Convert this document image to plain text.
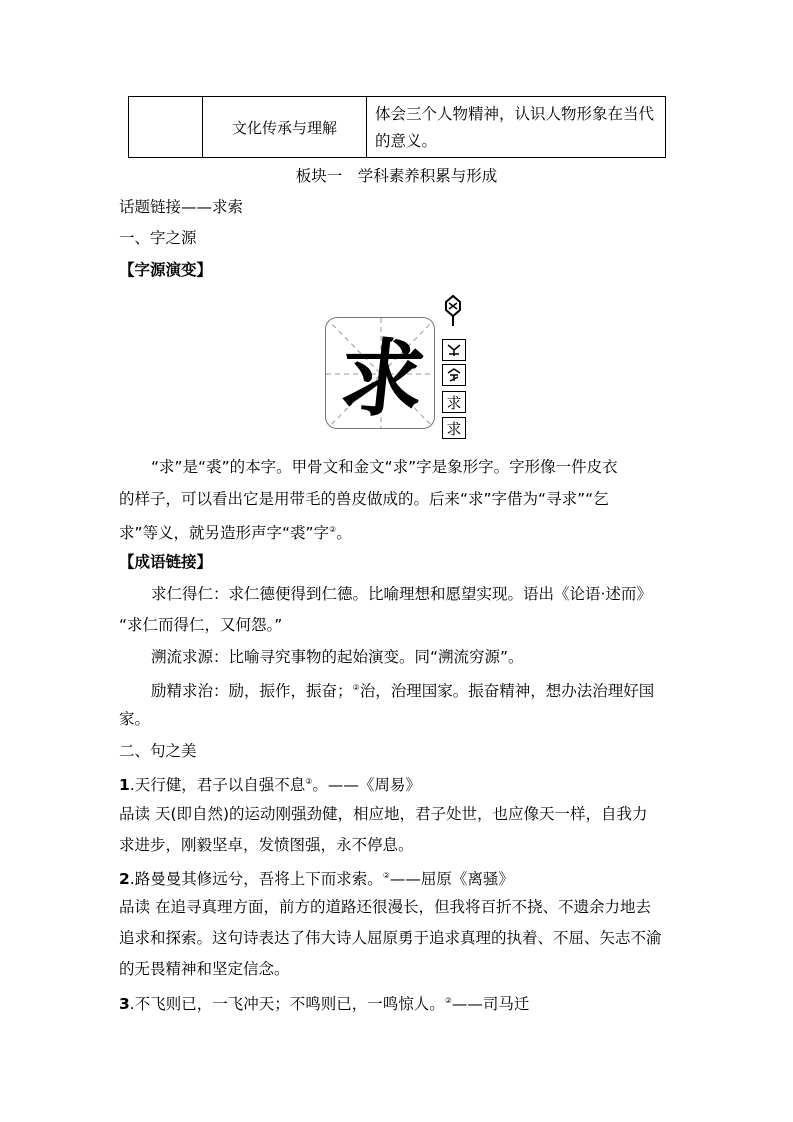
文化传承与理解
体会三个人物精神，认识人物形象在当代
的意义。
板块一　学科素养积累与形成
话题链接——求索
一、字之源
【字源演变】
求 求
求
“求”是“裘”的本字。甲骨文和金文“求”字是象形字。字形像一件皮衣
的样子，可以看出它是用带毛的兽皮做成的。后来“求”字借为“寻求”“乞
求”等义，就另造形声字“裘”字②。
【成语链接】
求仁得仁：求仁德便得到仁德。比喻理想和愿望实现。语出《论语·述而》
“求仁而得仁，又何怨。”
溯流求源：比喻寻究事物的起始演变。同“溯流穷源”。
励精求治：励，振作，振奋；②治，治理国家。振奋精神，想办法治理好国
家。
二、句之美
1.天行健，君子以自强不息②。——《周易》
品读 天(即自然)的运动刚强劲健，相应地，君子处世，也应像天一样，自我力
求进步，刚毅坚卓，发愤图强，永不停息。
2.路曼曼其修远兮，吾将上下而求索。②——屈原《离骚》
品读 在追寻真理方面，前方的道路还很漫长，但我将百折不挠、不遗余力地去
追求和探索。这句诗表达了伟大诗人屈原勇于追求真理的执着、不屈、矢志不渝
的无畏精神和坚定信念。
3.不飞则已，一飞冲天；不鸣则已，一鸣惊人。②——司马迁
